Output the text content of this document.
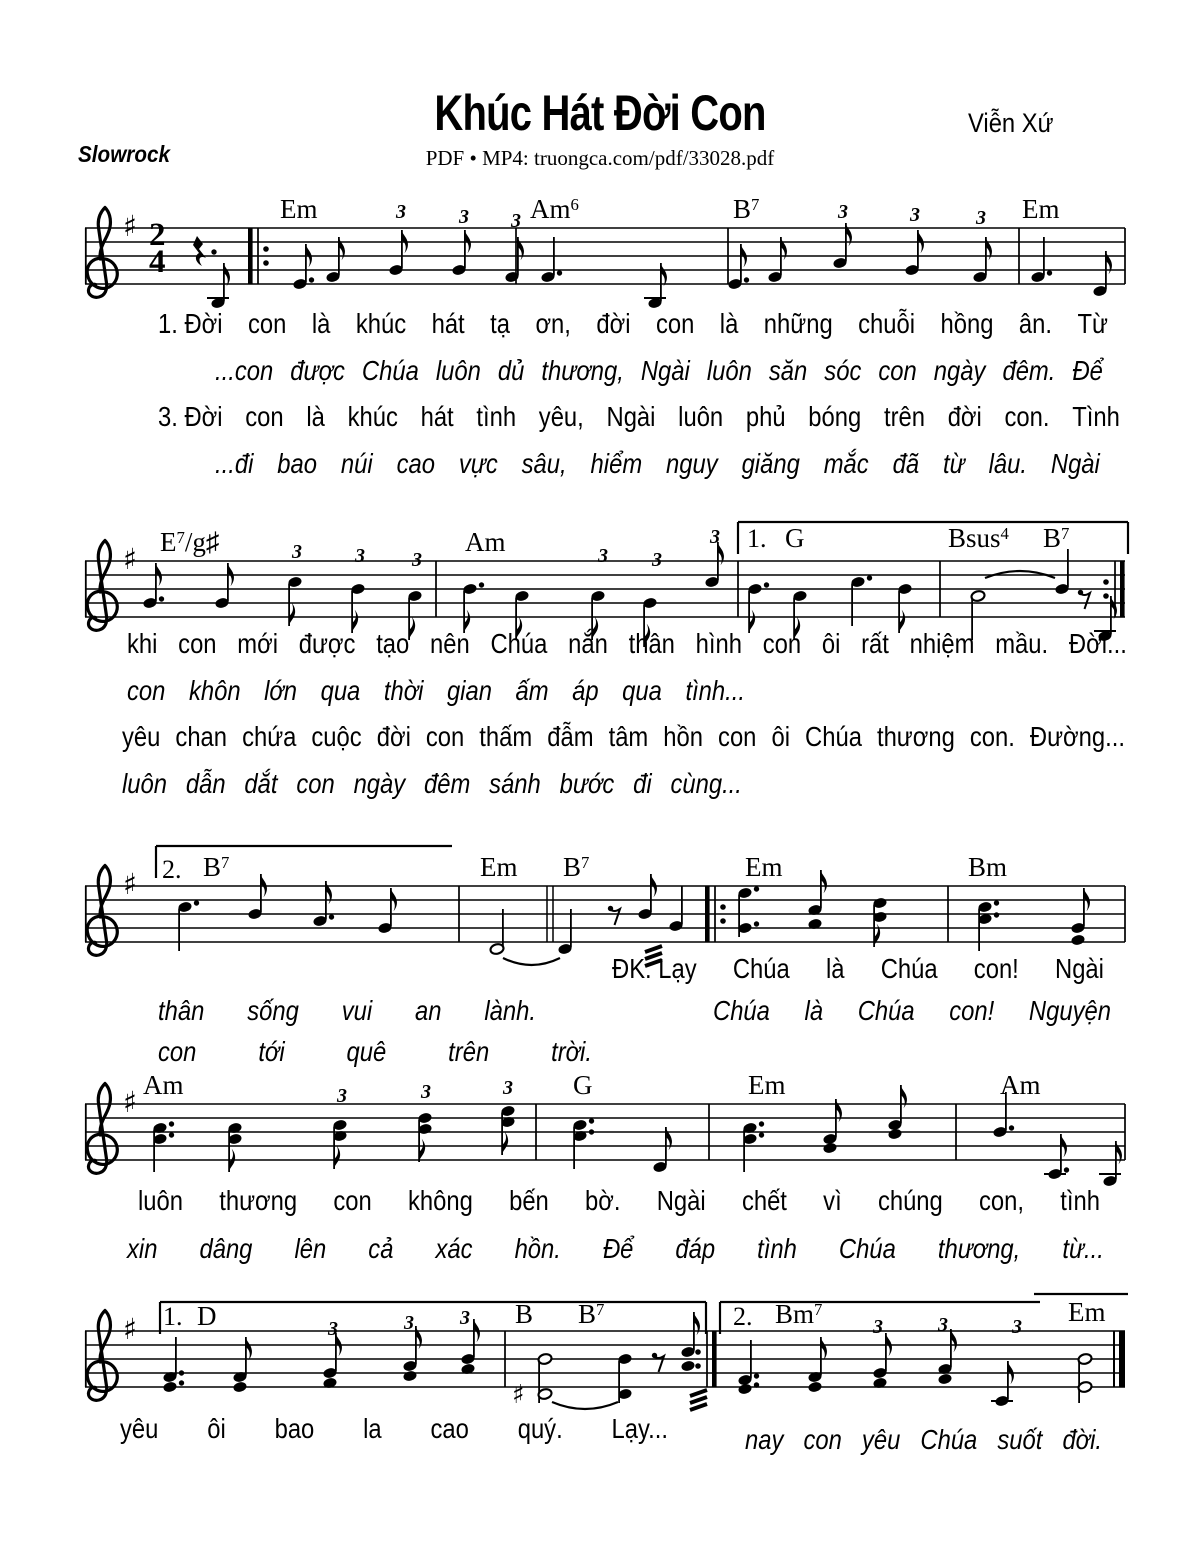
Khúc Hát Đời Con	Viễn Xứ
Slowrock	PDF • MP4: truongca.com/pdf/33028.pdf
♯ 2
4
Em	3	3 3 Am$^6$	$B^7$	3	3	3 Em
♯ $E^7/g♯$	3	3 3
Am	3 3
3 1. G	Bsus$^4$ $B^7$
♯ 2. $B^7$	Em $B^7$	Em	Bm
♯ Am	3	3	3 G	Em	Am
♯
♯ 1. D	3	3 3 B $B^7$	2. Bm$^7$
3	3	3 Em
1. Đời con là khúc hát tạ ơn, đời con là những chuỗi hồng ân. Từ
...con được Chúa luôn dủ thương, Ngài luôn săn sóc con ngày đêm. Để
3. Đời con là khúc hát tình yêu, Ngài luôn phủ bóng trên đời con. Tình
...đi bao núi cao vực sâu, hiểm nguy giăng mắc đã từ lâu. Ngài
khi con mới được tạo nên Chúa nắn thân hình con ôi rất nhiệm mầu. Đời...
con khôn lớn qua thời gian ấm áp qua tình...
yêu chan chứa cuộc đời con thấm đẫm tâm hồn con ôi Chúa thương con. Đường...
luôn dẫn dắt con ngày đêm sánh bước đi cùng...
ĐK: Lạy Chúa là Chúa con! Ngài
thân sống vui an lành.	Chúa là Chúa con! Nguyện
con tới quê trên trời.
luôn thương con không bến bờ. Ngài chết vì chúng con, tình
xin dâng lên cả xác hồn. Để đáp tình Chúa thương, từ...
yêu ôi bao la cao quý. Lạy...	nay con yêu Chúa suốt đời.
